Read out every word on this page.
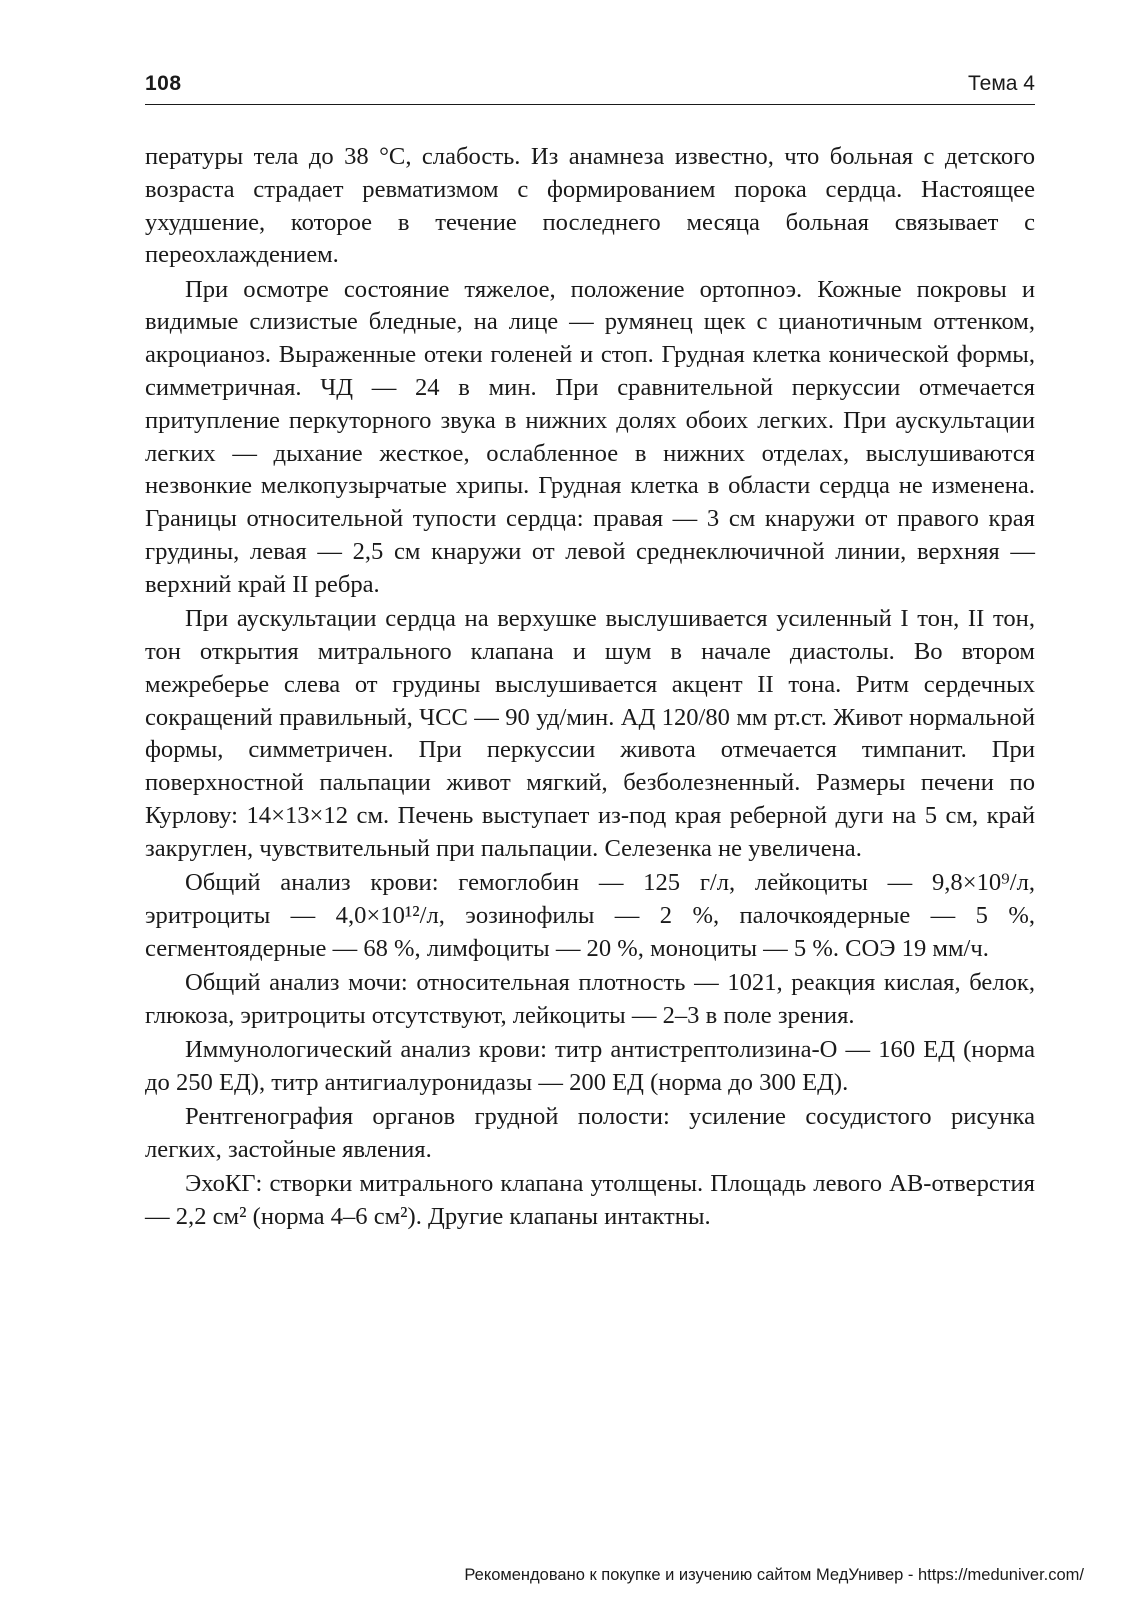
108	Тема 4

пературы тела до 38 °С, слабость. Из анамнеза известно, что больная с детского возраста страдает ревматизмом с формированием порока сердца. Настоящее ухудшение, которое в течение последнего месяца больная связывает с переохлаждением.

При осмотре состояние тяжелое, положение ортопноэ. Кожные покровы и видимые слизистые бледные, на лице — румянец щек с цианотичным оттенком, акроцианоз. Выраженные отеки голеней и стоп. Грудная клетка конической формы, симметричная. ЧД — 24 в мин. При сравнительной перкуссии отмечается притупление перкуторного звука в нижних долях обоих легких. При аускультации легких — дыхание жесткое, ослабленное в нижних отделах, выслушиваются незвонкие мелкопузырчатые хрипы. Грудная клетка в области сердца не изменена. Границы относительной тупости сердца: правая — 3 см кнаружи от правого края грудины, левая — 2,5 см кнаружи от левой среднеключичной линии, верхняя — верхний край II ребра.

При аускультации сердца на верхушке выслушивается усиленный I тон, II тон, тон открытия митрального клапана и шум в начале диастолы. Во втором межреберье слева от грудины выслушивается акцент II тона. Ритм сердечных сокращений правильный, ЧСС — 90 уд/мин. АД 120/80 мм рт.ст. Живот нормальной формы, симметричен. При перкуссии живота отмечается тимпанит. При поверхностной пальпации живот мягкий, безболезненный. Размеры печени по Курлову: 14×13×12 см. Печень выступает из-под края реберной дуги на 5 см, край закруглен, чувствительный при пальпации. Селезенка не увеличена.

Общий анализ крови: гемоглобин — 125 г/л, лейкоциты — 9,8×10⁹/л, эритроциты — 4,0×10¹²/л, эозинофилы — 2 %, палочкоядерные — 5 %, сегментоядерные — 68 %, лимфоциты — 20 %, моноциты — 5 %. СОЭ 19 мм/ч.

Общий анализ мочи: относительная плотность — 1021, реакция кислая, белок, глюкоза, эритроциты отсутствуют, лейкоциты — 2–3 в поле зрения.

Иммунологический анализ крови: титр антистрептолизина-О — 160 ЕД (норма до 250 ЕД), титр антигиалуронидазы — 200 ЕД (норма до 300 ЕД).

Рентгенография органов грудной полости: усиление сосудистого рисунка легких, застойные явления.

ЭхоКГ: створки митрального клапана утолщены. Площадь левого АВ-отверстия — 2,2 см² (норма 4–6 см²). Другие клапаны интактны.

Рекомендовано к покупке и изучению сайтом МедУнивер - https://meduniver.com/
